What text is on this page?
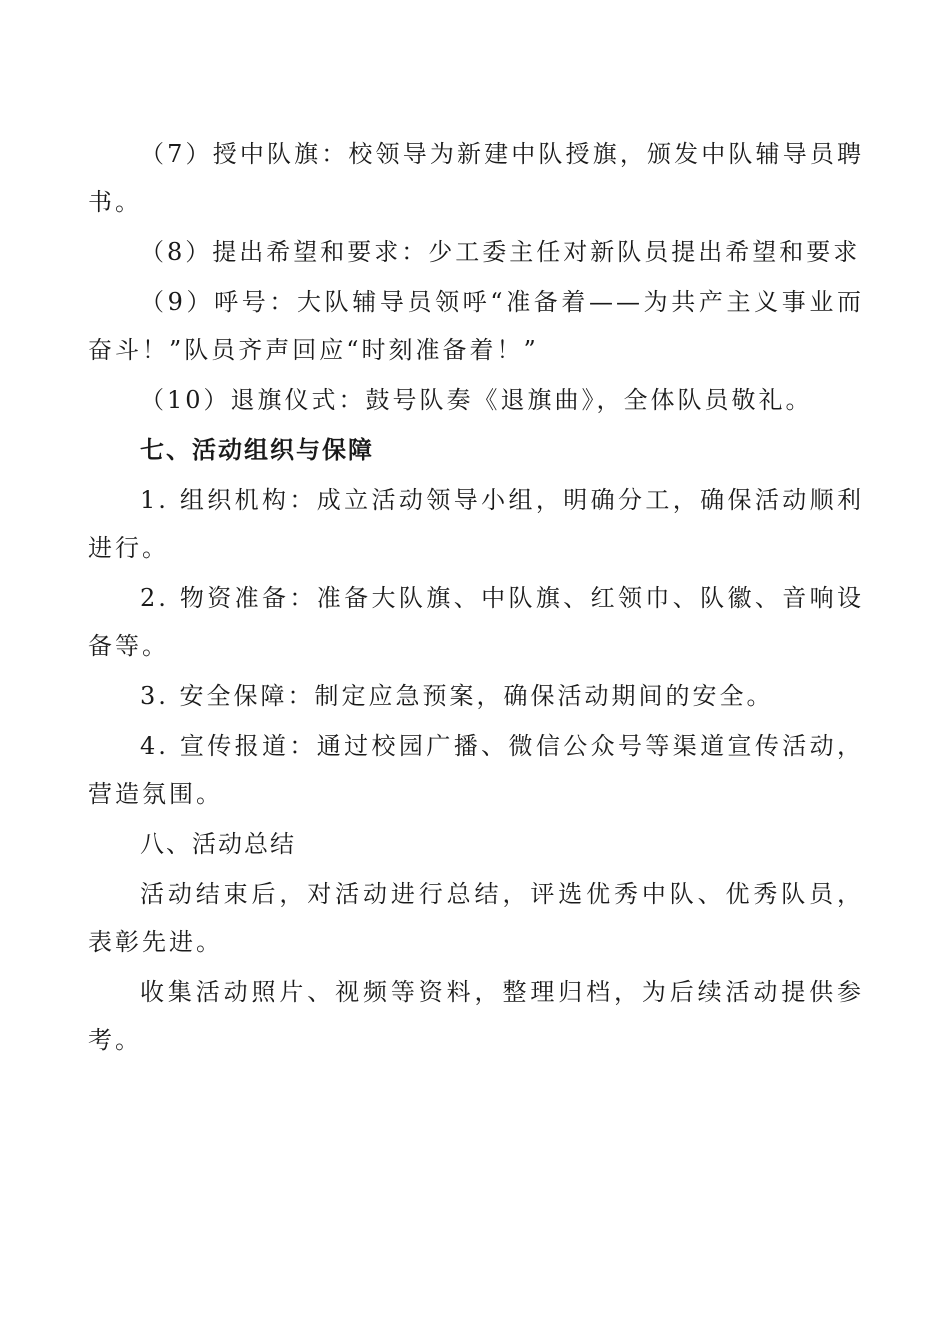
（7）授中队旗：校领导为新建中队授旗，颁发中队辅导员聘书。

（8）提出希望和要求：少工委主任对新队员提出希望和要求

（9）呼号：大队辅导员领呼“准备着——为共产主义事业而奋斗！”队员齐声回应“时刻准备着！”

（10）退旗仪式：鼓号队奏《退旗曲》，全体队员敬礼。

七、活动组织与保障

1. 组织机构：成立活动领导小组，明确分工，确保活动顺利进行。

2. 物资准备：准备大队旗、中队旗、红领巾、队徽、音响设备等。

3. 安全保障：制定应急预案，确保活动期间的安全。

4. 宣传报道：通过校园广播、微信公众号等渠道宣传活动，营造氛围。

八、活动总结

活动结束后，对活动进行总结，评选优秀中队、优秀队员，表彰先进。

收集活动照片、视频等资料，整理归档，为后续活动提供参考。
